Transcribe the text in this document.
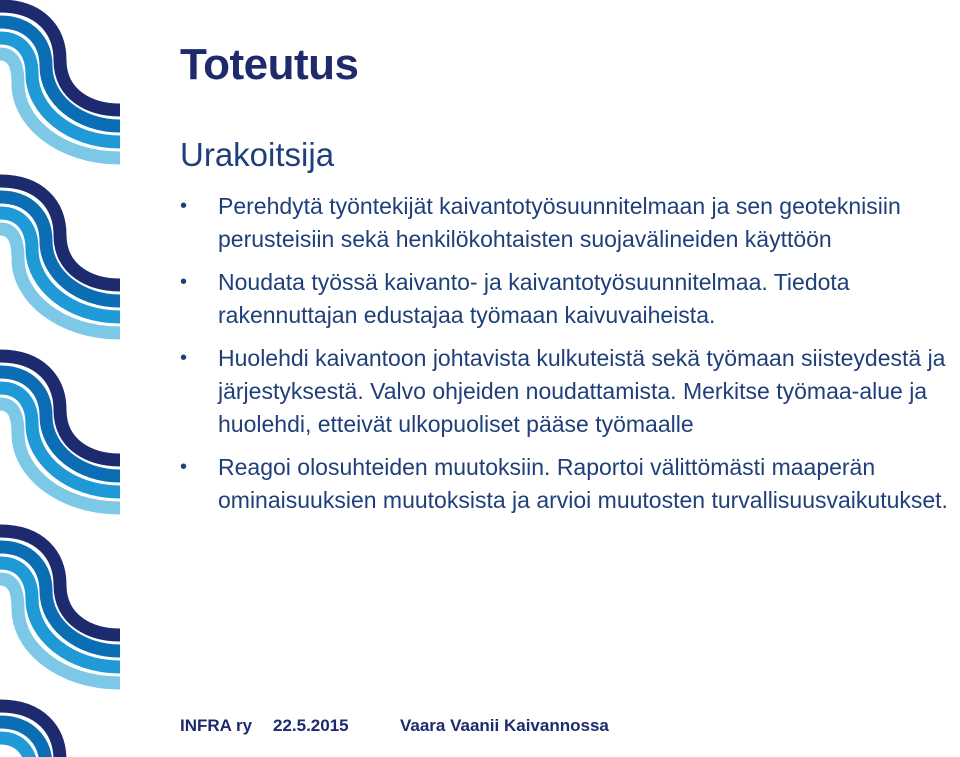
Toteutus
Urakoitsija
• Perehdytä työntekijät kaivantotyösuunnitelmaan ja sen geoteknisiin perusteisiin sekä henkilökohtaisten suojavälineiden käyttöön
• Noudata työssä kaivanto- ja kaivantotyösuunnitelmaa. Tiedota rakennuttajan edustajaa työmaan kaivuvaiheista.
• Huolehdi kaivantoon johtavista kulkuteistä sekä työmaan siisteydestä ja järjestyksestä. Valvo ohjeiden noudattamista. Merkitse työmaa-alue ja huolehdi, etteivät ulkopuoliset pääse työmaalle
• Reagoi olosuhteiden muutoksiin. Raportoi välittömästi maaperän ominaisuuksien muutoksista ja arvioi muutosten turvallisuusvaikutukset.
INFRA ry 22.5.2015	Vaara Vaanii Kaivannossa
